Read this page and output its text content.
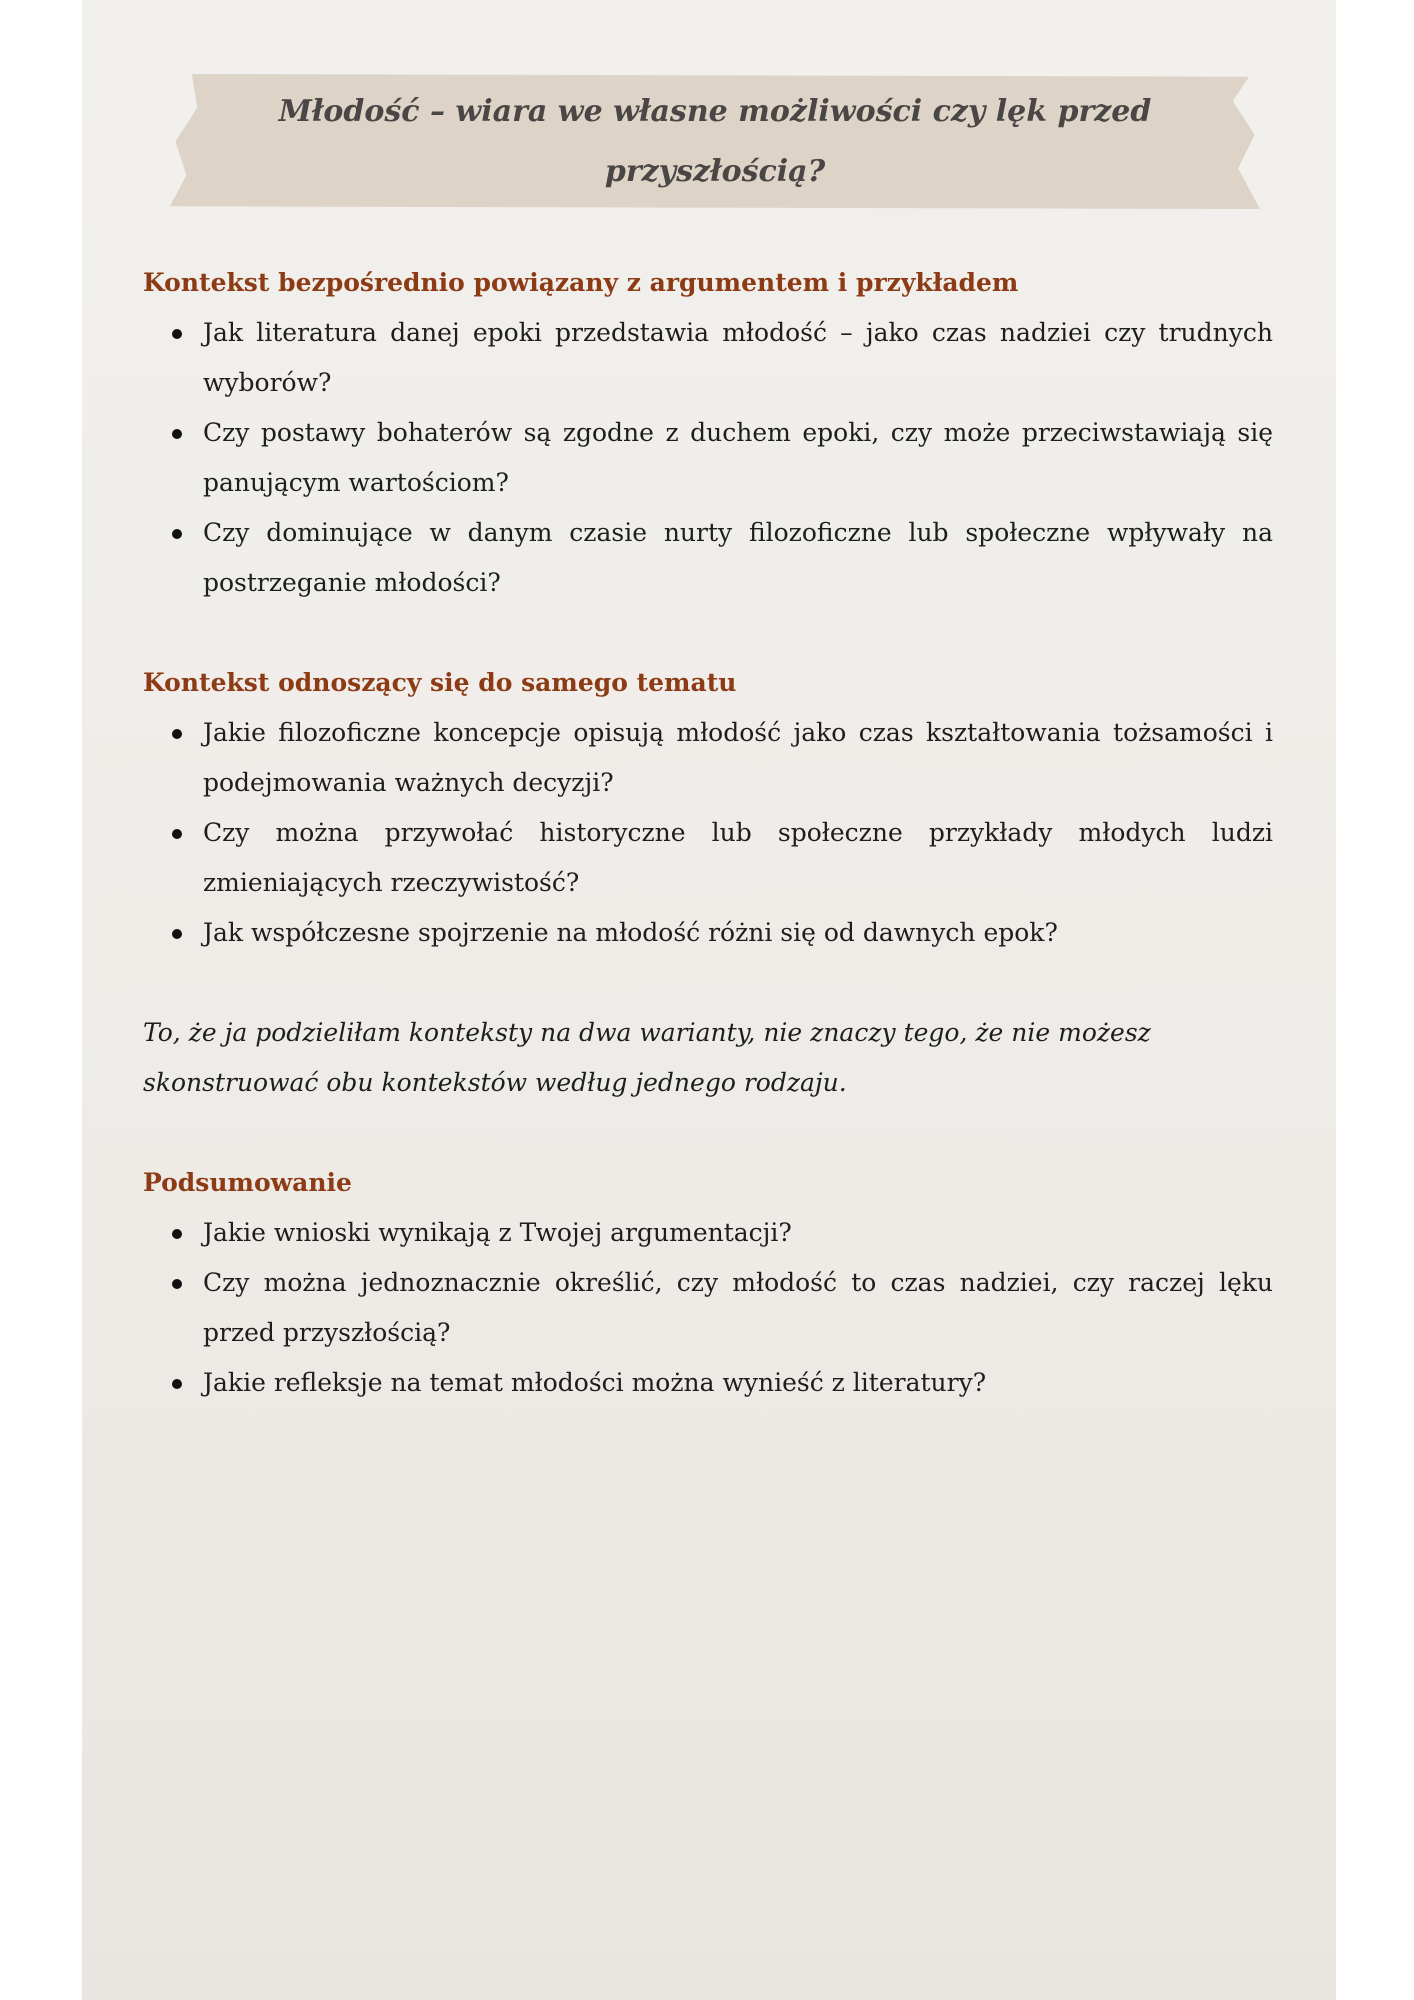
Młodość – wiara we własne możliwości czy lęk przed przyszłością?
Kontekst bezpośrednio powiązany z argumentem i przykładem
Jak literatura danej epoki przedstawia młodość – jako czas nadziei czy trudnych wyborów?
Czy postawy bohaterów są zgodne z duchem epoki, czy może przeciwstawiają się panującym wartościom?
Czy dominujące w danym czasie nurty filozoficzne lub społeczne wpływały na postrzeganie młodości?
Kontekst odnoszący się do samego tematu
Jakie filozoficzne koncepcje opisują młodość jako czas kształtowania tożsamości i podejmowania ważnych decyzji?
Czy można przywołać historyczne lub społeczne przykłady młodych ludzi zmieniających rzeczywistość?
Jak współczesne spojrzenie na młodość różni się od dawnych epok?

To, że ja podzieliłam konteksty na dwa warianty, nie znaczy tego, że nie możesz skonstruować obu kontekstów według jednego rodzaju.

Podsumowanie
Jakie wnioski wynikają z Twojej argumentacji?
Czy można jednoznacznie określić, czy młodość to czas nadziei, czy raczej lęku przed przyszłością?
Jakie refleksje na temat młodości można wynieść z literatury?
